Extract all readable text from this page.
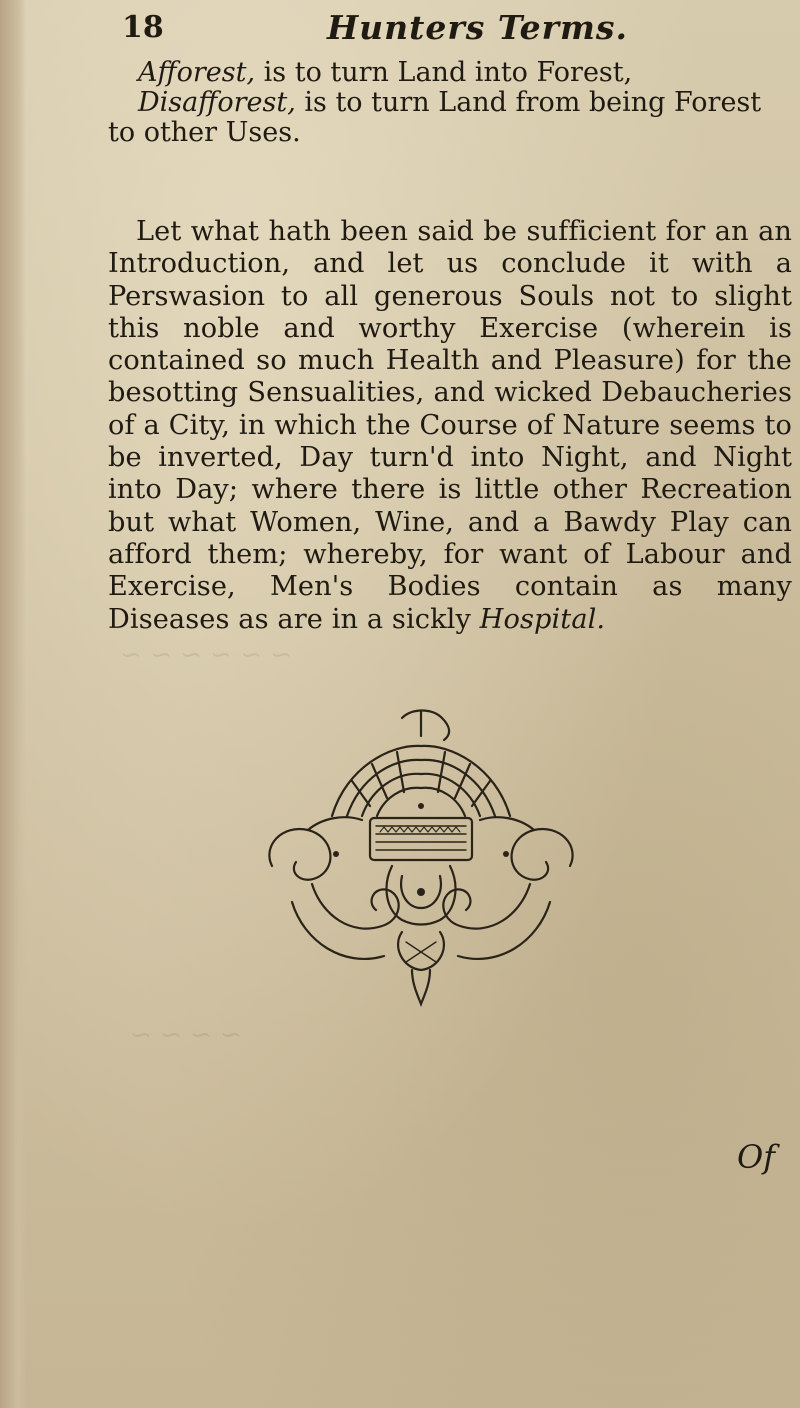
~ ~ ~ ~ ~ ~
~ ~ ~ ~
18	Hunters Terms.

Afforest, is to turn Land into Forest,

Disafforest, is to turn Land from being Forest to other Uses.

Let what hath been said be sufficient for an an Introduction, and let us conclude it with a Perswasion to all generous Souls not to slight this noble and worthy Exercise (wherein is contained so much Health and Pleasure) for the besotting Sensualities, and wicked Debaucheries of a City, in which the Course of Nature seems to be inverted, Day turn'd into Night, and Night into Day; where there is little other Recreation but what Women, Wine, and a Bawdy Play can afford them; whereby, for want of Labour and Exercise, Men's Bodies contain as many Diseases as are in a sickly Hospital.

Of
